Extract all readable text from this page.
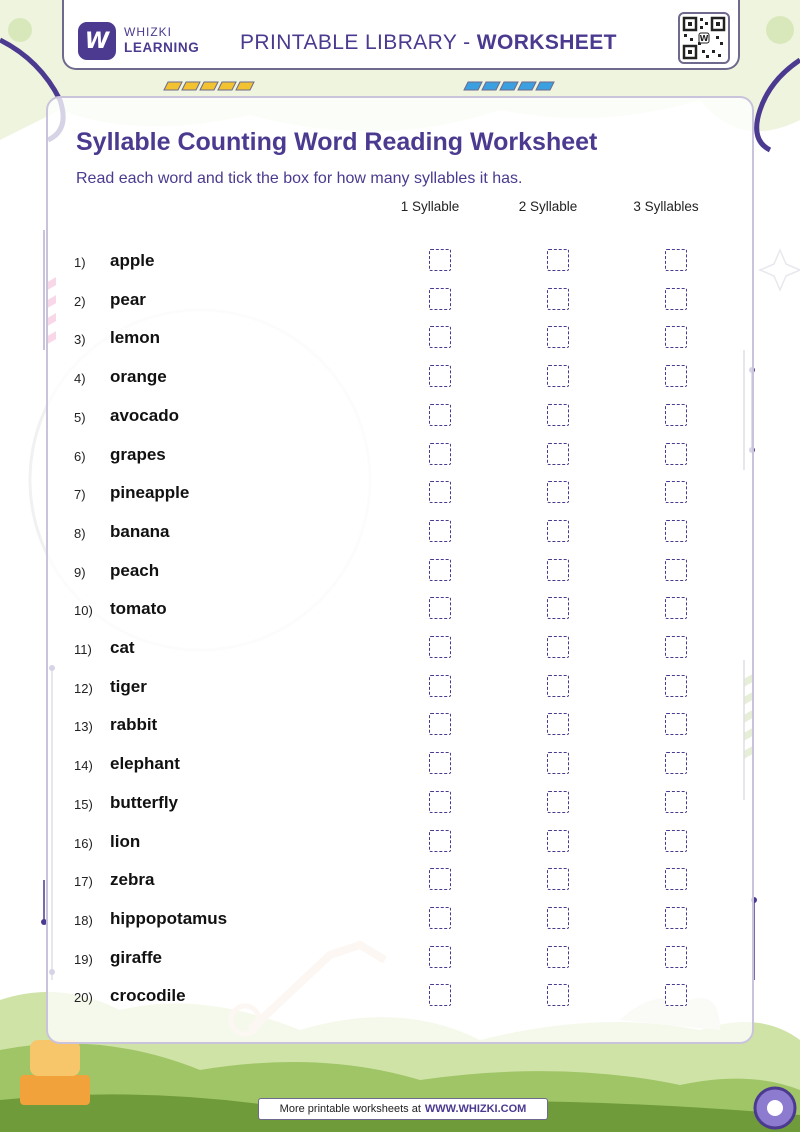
W WHIZKI
LEARNING PRINTABLE LIBRARY - WORKSHEET	W
Syllable Counting Word Reading Worksheet
Read each word and tick the box for how many syllables it has.
1 Syllable	2 Syllable	3 Syllables
1) apple
2) pear
3) lemon
4) orange
5) avocado
6) grapes
7) pineapple
8) banana
9) peach
10) tomato
11) cat
12) tiger
13) rabbit
14) elephant
15) butterfly
16) lion
17) zebra
18) hippopotamus
19) giraffe
20) crocodile
More printable worksheets at WWW.WHIZKI.COM
